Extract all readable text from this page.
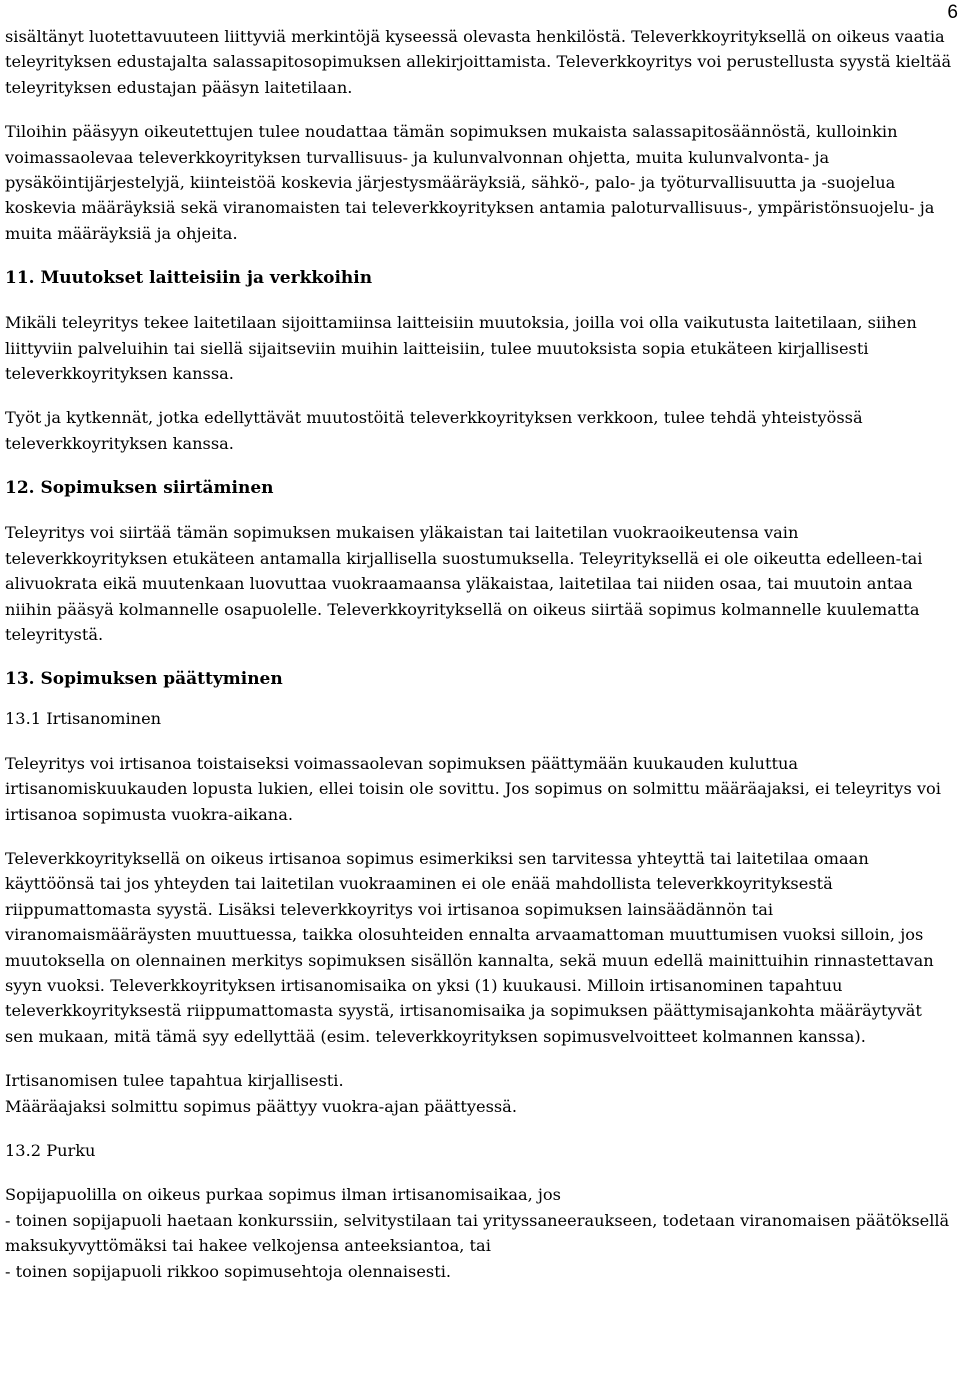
6

sisältänyt luotettavuuteen liittyviä merkintöjä kyseessä olevasta henkilöstä. Televerkkoyrityksellä on oikeus vaatia teleyrityksen edustajalta salassapitosopimuksen allekirjoittamista. Televerkkoyritys voi perustellusta syystä kieltää teleyrityksen edustajan pääsyn laitetilaan.

Tiloihin pääsyyn oikeutettujen tulee noudattaa tämän sopimuksen mukaista salassapitosäännöstä, kulloinkin voimassaolevaa televerkkoyrityksen turvallisuus- ja kulunvalvonnan ohjetta, muita kulunvalvonta- ja pysäköintijärjestelyjä, kiinteistöä koskevia järjestysmääräyksiä, sähkö-, palo- ja työturvallisuutta ja -suojelua koskevia määräyksiä sekä viranomaisten tai televerkkoyrityksen antamia paloturvallisuus-, ympäristönsuojelu- ja muita määräyksiä ja ohjeita.

11. Muutokset laitteisiin ja verkkoihin

Mikäli teleyritys tekee laitetilaan sijoittamiinsa laitteisiin muutoksia, joilla voi olla vaikutusta laitetilaan, siihen liittyviin palveluihin tai siellä sijaitseviin muihin laitteisiin, tulee muutoksista sopia etukäteen kirjallisesti televerkkoyrityksen kanssa.

Työt ja kytkennät, jotka edellyttävät muutostöitä televerkkoyrityksen verkkoon, tulee tehdä yhteistyössä televerkkoyrityksen kanssa.

12. Sopimuksen siirtäminen

Teleyritys voi siirtää tämän sopimuksen mukaisen yläkaistan tai laitetilan vuokraoikeutensa vain televerkkoyrityksen etukäteen antamalla kirjallisella suostumuksella. Teleyrityksellä ei ole oikeutta edelleen-tai alivuokrata eikä muutenkaan luovuttaa vuokraamaansa yläkaistaa, laitetilaa tai niiden osaa, tai muutoin antaa niihin pääsyä kolmannelle osapuolelle. Televerkkoyrityksellä on oikeus siirtää sopimus kolmannelle kuulematta teleyritystä.

13. Sopimuksen päättyminen
13.1 Irtisanominen

Teleyritys voi irtisanoa toistaiseksi voimassaolevan sopimuksen päättymään kuukauden kuluttua irtisanomiskuukauden lopusta lukien, ellei toisin ole sovittu. Jos sopimus on solmittu määräajaksi, ei teleyritys voi irtisanoa sopimusta vuokra-aikana.

Televerkkoyrityksellä on oikeus irtisanoa sopimus esimerkiksi sen tarvitessa yhteyttä tai laitetilaa omaan käyttöönsä tai jos yhteyden tai laitetilan vuokraaminen ei ole enää mahdollista televerkkoyrityksestä riippumattomasta syystä. Lisäksi televerkkoyritys voi irtisanoa sopimuksen lainsäädännön tai viranomaismääräysten muuttuessa, taikka olosuhteiden ennalta arvaamattoman muuttumisen vuoksi silloin, jos muutoksella on olennainen merkitys sopimuksen sisällön kannalta, sekä muun edellä mainittuihin rinnastettavan syyn vuoksi. Televerkkoyrityksen irtisanomisaika on yksi (1) kuukausi. Milloin irtisanominen tapahtuu televerkkoyrityksestä riippumattomasta syystä, irtisanomisaika ja sopimuksen päättymisajankohta määräytyvät sen mukaan, mitä tämä syy edellyttää (esim. televerkkoyrityksen sopimusvelvoitteet kolmannen kanssa).

Irtisanomisen tulee tapahtua kirjallisesti.

Määräajaksi solmittu sopimus päättyy vuokra-ajan päättyessä.

13.2 Purku

Sopijapuolilla on oikeus purkaa sopimus ilman irtisanomisaikaa, jos

- toinen sopijapuoli haetaan konkurssiin, selvitystilaan tai yrityssaneeraukseen, todetaan viranomaisen päätöksellä maksukyvyttömäksi tai hakee velkojensa anteeksiantoa, tai

- toinen sopijapuoli rikkoo sopimusehtoja olennaisesti.
